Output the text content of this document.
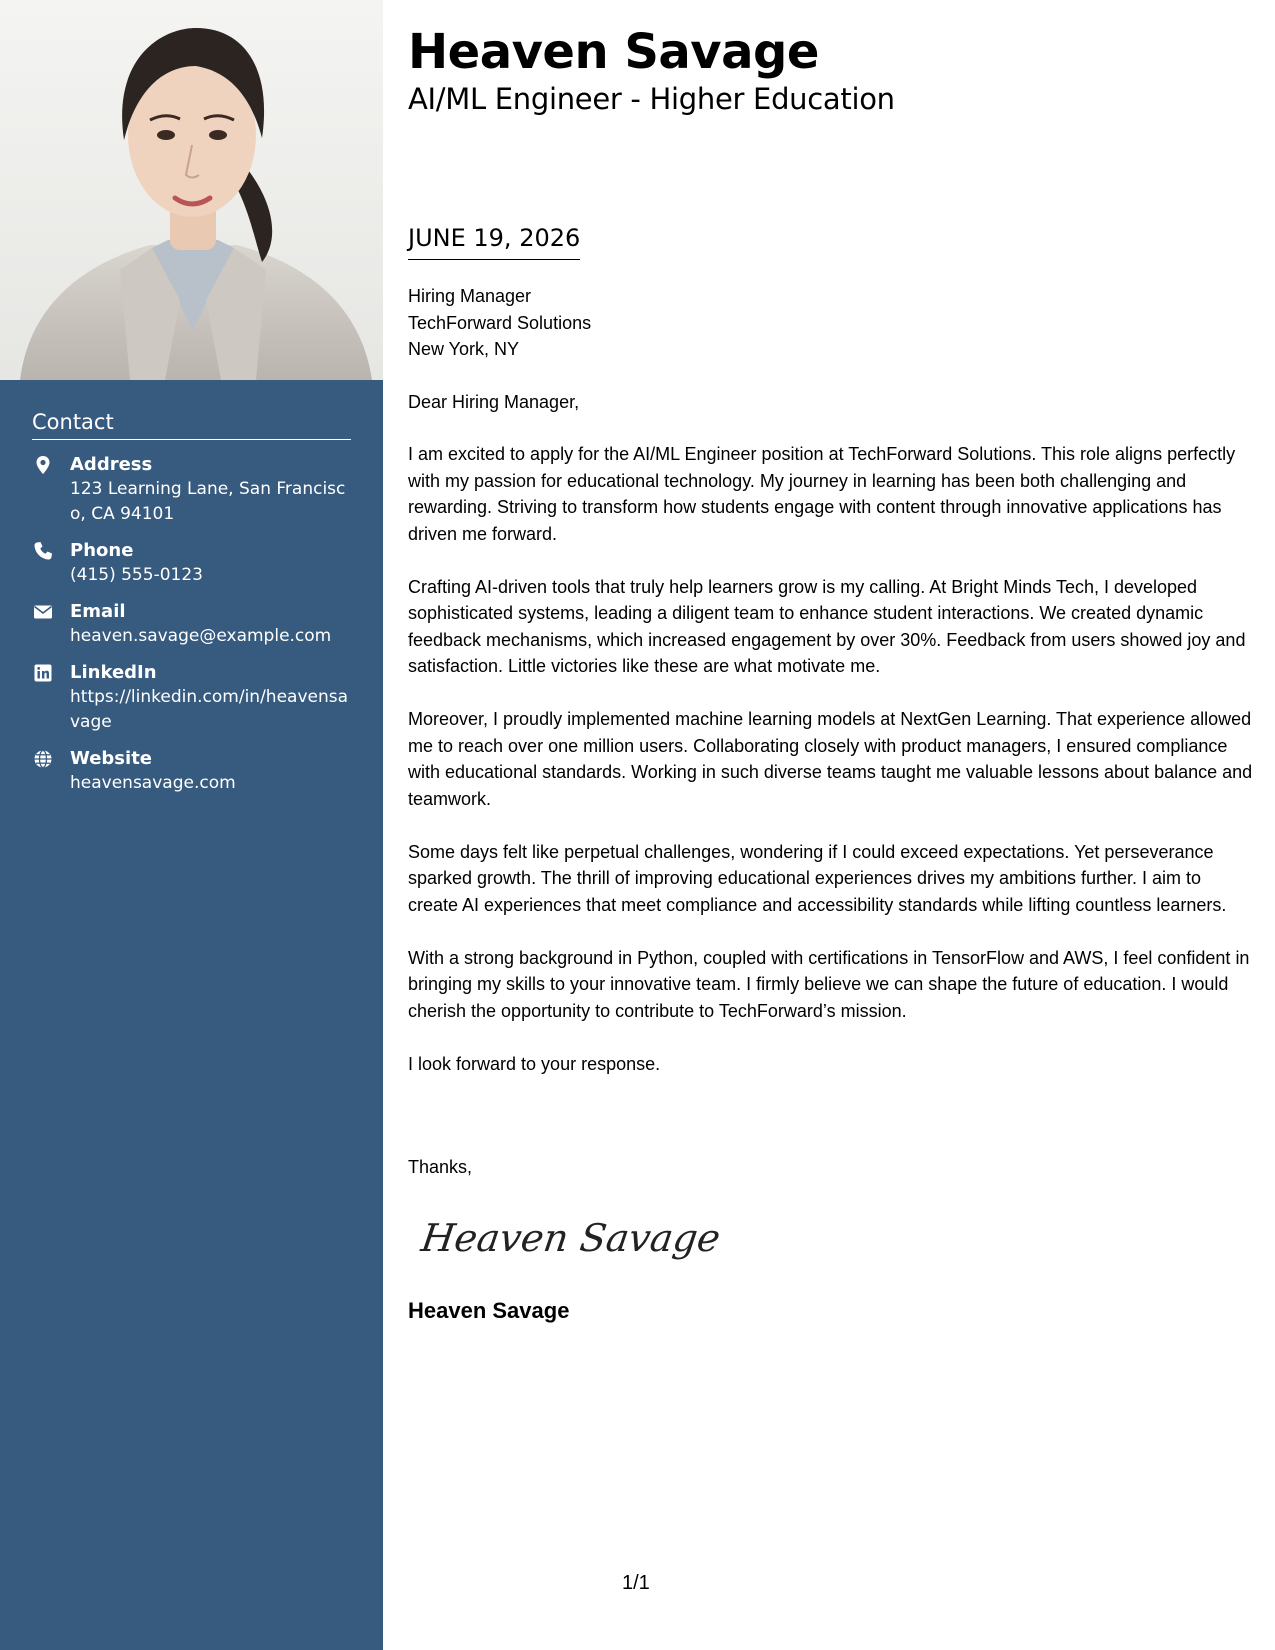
Contact
Address
123 Learning Lane, San Francisco, CA 94101
Phone
(415) 555-0123
Email
heaven.savage@example.com
LinkedIn
https://linkedin.com/in/heavensavage
Website
heavensavage.com
Heaven Savage
AI/ML Engineer - Higher Education
JUNE 19, 2026
Hiring Manager
TechForward Solutions
New York, NY

Dear Hiring Manager,

I am excited to apply for the AI/ML Engineer position at TechForward Solutions. This role aligns perfectly with my passion for educational technology. My journey in learning has been both challenging and rewarding. Striving to transform how students engage with content through innovative applications has driven me forward.

Crafting AI-driven tools that truly help learners grow is my calling. At Bright Minds Tech, I developed sophisticated systems, leading a diligent team to enhance student interactions. We created dynamic feedback mechanisms, which increased engagement by over 30%. Feedback from users showed joy and satisfaction. Little victories like these are what motivate me.

Moreover, I proudly implemented machine learning models at NextGen Learning. That experience allowed me to reach over one million users. Collaborating closely with product managers, I ensured compliance with educational standards. Working in such diverse teams taught me valuable lessons about balance and teamwork.

Some days felt like perpetual challenges, wondering if I could exceed expectations. Yet perseverance sparked growth. The thrill of improving educational experiences drives my ambitions further. I aim to create AI experiences that meet compliance and accessibility standards while lifting countless learners.

With a strong background in Python, coupled with certifications in TensorFlow and AWS, I feel confident in bringing my skills to your innovative team. I firmly believe we can shape the future of education. I would cherish the opportunity to contribute to TechForward’s mission.

I look forward to your response.

Thanks,

Heaven Savage
Heaven Savage
1/1
